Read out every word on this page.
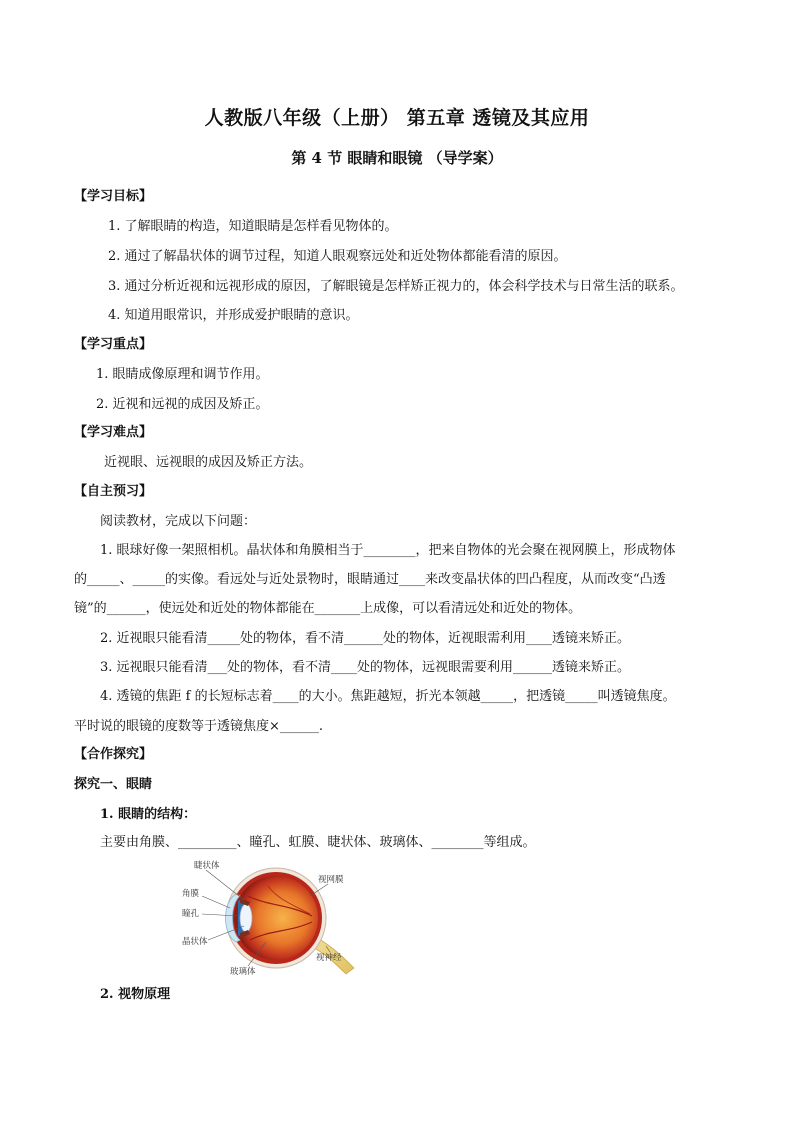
人教版八年级（上册） 第五章 透镜及其应用
第 4 节 眼睛和眼镜 （导学案）
【学习目标】
1. 了解眼睛的构造，知道眼睛是怎样看见物体的。
2. 通过了解晶状体的调节过程，知道人眼观察远处和近处物体都能看清的原因。
3. 通过分析近视和远视形成的原因，了解眼镜是怎样矫正视力的，体会科学技术与日常生活的联系。
4. 知道用眼常识，并形成爱护眼睛的意识。
【学习重点】
1. 眼睛成像原理和调节作用。
2. 近视和远视的成因及矫正。
【学习难点】
近视眼、远视眼的成因及矫正方法。
【自主预习】
阅读教材，完成以下问题：
1. 眼球好像一架照相机。晶状体和角膜相当于________，把来自物体的光会聚在视网膜上，形成物体
的_____、_____的实像。看远处与近处景物时，眼睛通过____来改变晶状体的凹凸程度，从而改变“凸透
镜”的______，使远处和近处的物体都能在_______上成像，可以看清远处和近处的物体。
2. 近视眼只能看清_____处的物体，看不清______处的物体，近视眼需利用____透镜来矫正。
3. 远视眼只能看清___处的物体，看不清____处的物体，远视眼需要利用______透镜来矫正。
4. 透镜的焦距 f 的长短标志着____的大小。焦距越短，折光本领越_____，把透镜_____叫透镜焦度。
平时说的眼镜的度数等于透镜焦度×______.
【合作探究】
探究一、眼睛
1. 眼睛的结构：
主要由角膜、_________、瞳孔、虹膜、睫状体、玻璃体、________等组成。
睫状体
角膜
瞳孔
晶状体
玻璃体
视网膜
视神经
2. 视物原理
